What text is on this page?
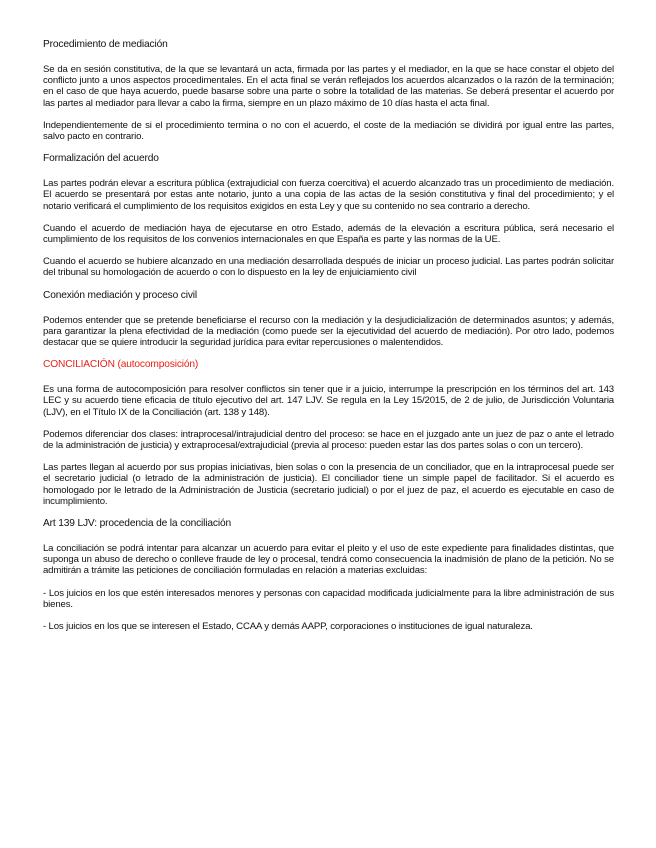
Procedimiento de mediación

Se da en sesión constitutiva, de la que se levantará un acta, firmada por las partes y el mediador, en la que se hace constar el objeto del conflicto junto a unos aspectos procedimentales. En el acta final se verán reflejados los acuerdos alcanzados o la razón de la terminación; en el caso de que haya acuerdo, puede basarse sobre una parte o sobre la totalidad de las materias. Se deberá presentar el acuerdo por las partes al mediador para llevar a cabo la firma, siempre en un plazo máximo de 10 días hasta el acta final.

Independientemente de si el procedimiento termina o no con el acuerdo, el coste de la mediación se dividirá por igual entre las partes, salvo pacto en contrario.

Formalización del acuerdo

Las partes podrán elevar a escritura pública (extrajudicial con fuerza coercitiva) el acuerdo alcanzado tras un procedimiento de mediación. El acuerdo se presentará por estas ante notario, junto a una copia de las actas de la sesión constitutiva y final del procedimiento; y el notario verificará el cumplimiento de los requisitos exigidos en esta Ley y que su contenido no sea contrario a derecho.

Cuando el acuerdo de mediación haya de ejecutarse en otro Estado, además de la elevación a escritura pública, será necesario el cumplimiento de los requisitos de los convenios internacionales en que España es parte y las normas de la UE.

Cuando el acuerdo se hubiere alcanzado en una mediación desarrollada después de iniciar un proceso judicial. Las partes podrán solicitar del tribunal su homologación de acuerdo o con lo dispuesto en la ley de enjuiciamiento civil

Conexión mediación y proceso civil

Podemos entender que se pretende beneficiarse el recurso con la mediación y la desjudicialización de determinados asuntos; y además, para garantizar la plena efectividad de la mediación (como puede ser la ejecutividad del acuerdo de mediación). Por otro lado, podemos destacar que se quiere introducir la seguridad jurídica para evitar repercusiones o malentendidos.

CONCILIACIÓN (autocomposición)

Es una forma de autocomposición para resolver conflictos sin tener que ir a juicio, interrumpe la prescripción en los términos del art. 143 LEC y su acuerdo tiene eficacia de título ejecutivo del art. 147 LJV. Se regula en la Ley 15/2015, de 2 de julio, de Jurisdicción Voluntaria (LJV), en el Título IX de la Conciliación (art. 138 y 148).

Podemos diferenciar dos clases: intraprocesal/intrajudicial dentro del proceso: se hace en el juzgado ante un juez de paz o ante el letrado de la administración de justicia) y extraprocesal/extrajudicial (previa al proceso: pueden estar las dos partes solas o con un tercero).

Las partes llegan al acuerdo por sus propias iniciativas, bien solas o con la presencia de un conciliador, que en la intraprocesal puede ser el secretario judicial (o letrado de la administración de justicia). El conciliador tiene un simple papel de facilitador. Si el acuerdo es homologado por le letrado de la Administración de Justicia (secretario judicial) o por el juez de paz, el acuerdo es ejecutable en caso de incumplimiento.

Art 139 LJV: procedencia de la conciliación

La conciliación se podrá intentar para alcanzar un acuerdo para evitar el pleito y el uso de este expediente para finalidades distintas, que suponga un abuso de derecho o conlleve fraude de ley o procesal, tendrá como consecuencia la inadmisión de plano de la petición. No se admitirán a trámite las peticiones de conciliación formuladas en relación a materias excluidas:

- Los juicios en los que estén interesados menores y personas con capacidad modificada judicialmente para la libre administración de sus bienes.

- Los juicios en los que se interesen el Estado, CCAA y demás AAPP, corporaciones o instituciones de igual naturaleza.
